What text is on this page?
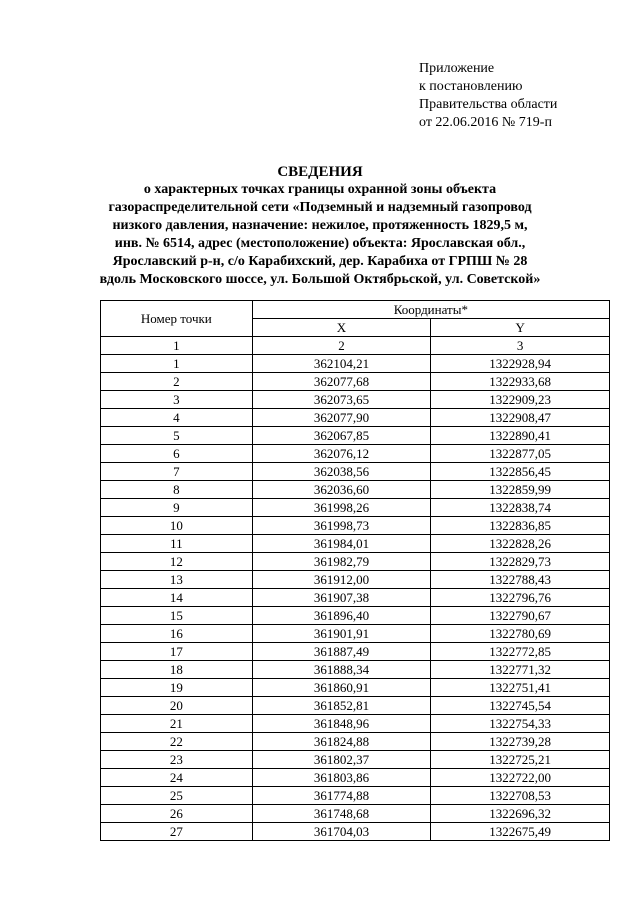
Приложение
к постановлению
Правительства области
от 22.06.2016 № 719-п
СВЕДЕНИЯ
о характерных точках границы охранной зоны объекта
газораспределительной сети «Подземный и надземный газопровод
низкого давления, назначение: нежилое, протяженность 1829,5 м,
инв. № 6514, адрес (местоположение) объекта: Ярославская обл.,
Ярославский р-н, с/о Карабихский, дер. Карабиха от ГРПШ № 28
вдоль Московского шоссе, ул. Большой Октябрьской, ул. Советской»
Номер точки	Координаты*	
	X	Y
1	2	3
1	362104,21	1322928,94
2	362077,68	1322933,68
3	362073,65	1322909,23
4	362077,90	1322908,47
5	362067,85	1322890,41
6	362076,12	1322877,05
7	362038,56	1322856,45
8	362036,60	1322859,99
9	361998,26	1322838,74
10	361998,73	1322836,85
11	361984,01	1322828,26
12	361982,79	1322829,73
13	361912,00	1322788,43
14	361907,38	1322796,76
15	361896,40	1322790,67
16	361901,91	1322780,69
17	361887,49	1322772,85
18	361888,34	1322771,32
19	361860,91	1322751,41
20	361852,81	1322745,54
21	361848,96	1322754,33
22	361824,88	1322739,28
23	361802,37	1322725,21
24	361803,86	1322722,00
25	361774,88	1322708,53
26	361748,68	1322696,32
27	361704,03	1322675,49
